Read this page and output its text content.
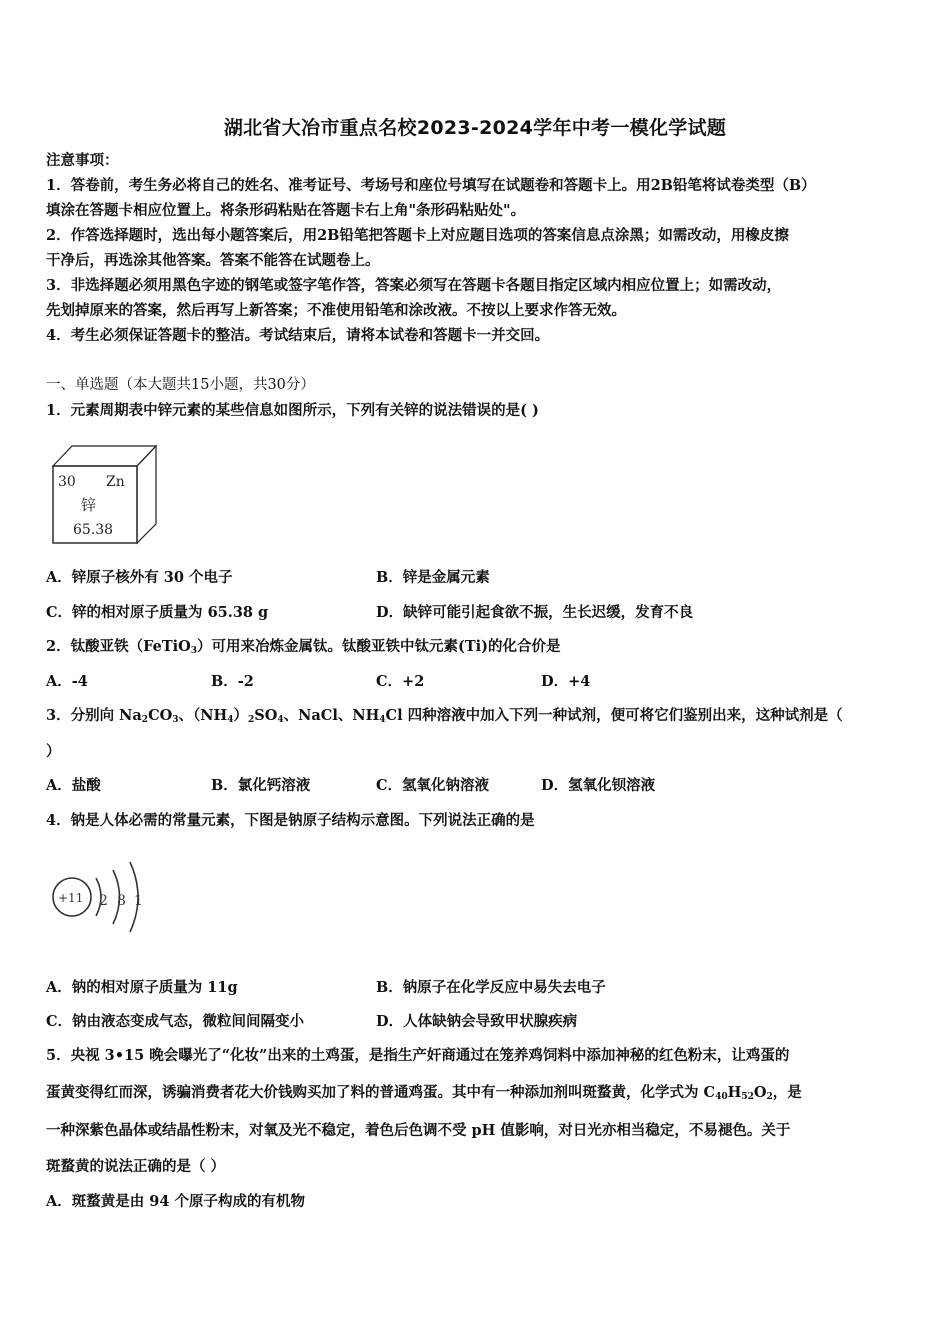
湖北省大冶市重点名校2023-2024学年中考一模化学试题
注意事项：
1．答卷前，考生务必将自己的姓名、准考证号、考场号和座位号填写在试题卷和答题卡上。用2B铅笔将试卷类型（B）
填涂在答题卡相应位置上。将条形码粘贴在答题卡右上角"条形码粘贴处"。
2．作答选择题时，选出每小题答案后，用2B铅笔把答题卡上对应题目选项的答案信息点涂黑；如需改动，用橡皮擦
干净后，再选涂其他答案。答案不能答在试题卷上。
3．非选择题必须用黑色字迹的钢笔或签字笔作答，答案必须写在答题卡各题目指定区域内相应位置上；如需改动，
先划掉原来的答案，然后再写上新答案；不准使用铅笔和涂改液。不按以上要求作答无效。
4．考生必须保证答题卡的整洁。考试结束后，请将本试卷和答题卡一并交回。
一、单选题（本大题共15小题，共30分）
1．元素周期表中锌元素的某些信息如图所示，下列有关锌的说法错误的是( )
30 Zn
锌
65.38
A．锌原子核外有 30 个电子	B．锌是金属元素
C．锌的相对原子质量为 65.38 g	D．缺锌可能引起食欲不振，生长迟缓，发育不良
2．钛酸亚铁（FeTiO$_3$）可用来冶炼金属钛。钛酸亚铁中钛元素(Ti)的化合价是
A．-4	B．-2	C．+2	D．+4
3．分别向 $Na_2CO_3$、$(NH_4)_2SO_4$、NaCl、$NH_4Cl$ 四种溶液中加入下列一种试剂，便可将它们鉴别出来，这种试剂是（
）
A．盐酸	B．氯化钙溶液	C．氢氧化钠溶液	D．氢氧化钡溶液
4．钠是人体必需的常量元素，下图是钠原子结构示意图。下列说法正确的是
+11 2 8 1
A．钠的相对原子质量为 11g	B．钠原子在化学反应中易失去电子
C．钠由液态变成气态，微粒间间隔变小	D．人体缺钠会导致甲状腺疾病
5．央视 3•15 晚会曝光了“化妆”出来的土鸡蛋，是指生产奸商通过在笼养鸡饲料中添加神秘的红色粉末，让鸡蛋的
蛋黄变得红而深，诱骗消费者花大价钱购买加了料的普通鸡蛋。其中有一种添加剂叫斑蝥黄，化学式为 $C_{40}H_{52}O_2$，是
一种深紫色晶体或结晶性粉末，对氧及光不稳定，着色后色调不受 pH 值影响，对日光亦相当稳定，不易褪色。关于
斑蝥黄的说法正确的是（ ）
A．斑蝥黄是由 94 个原子构成的有机物
